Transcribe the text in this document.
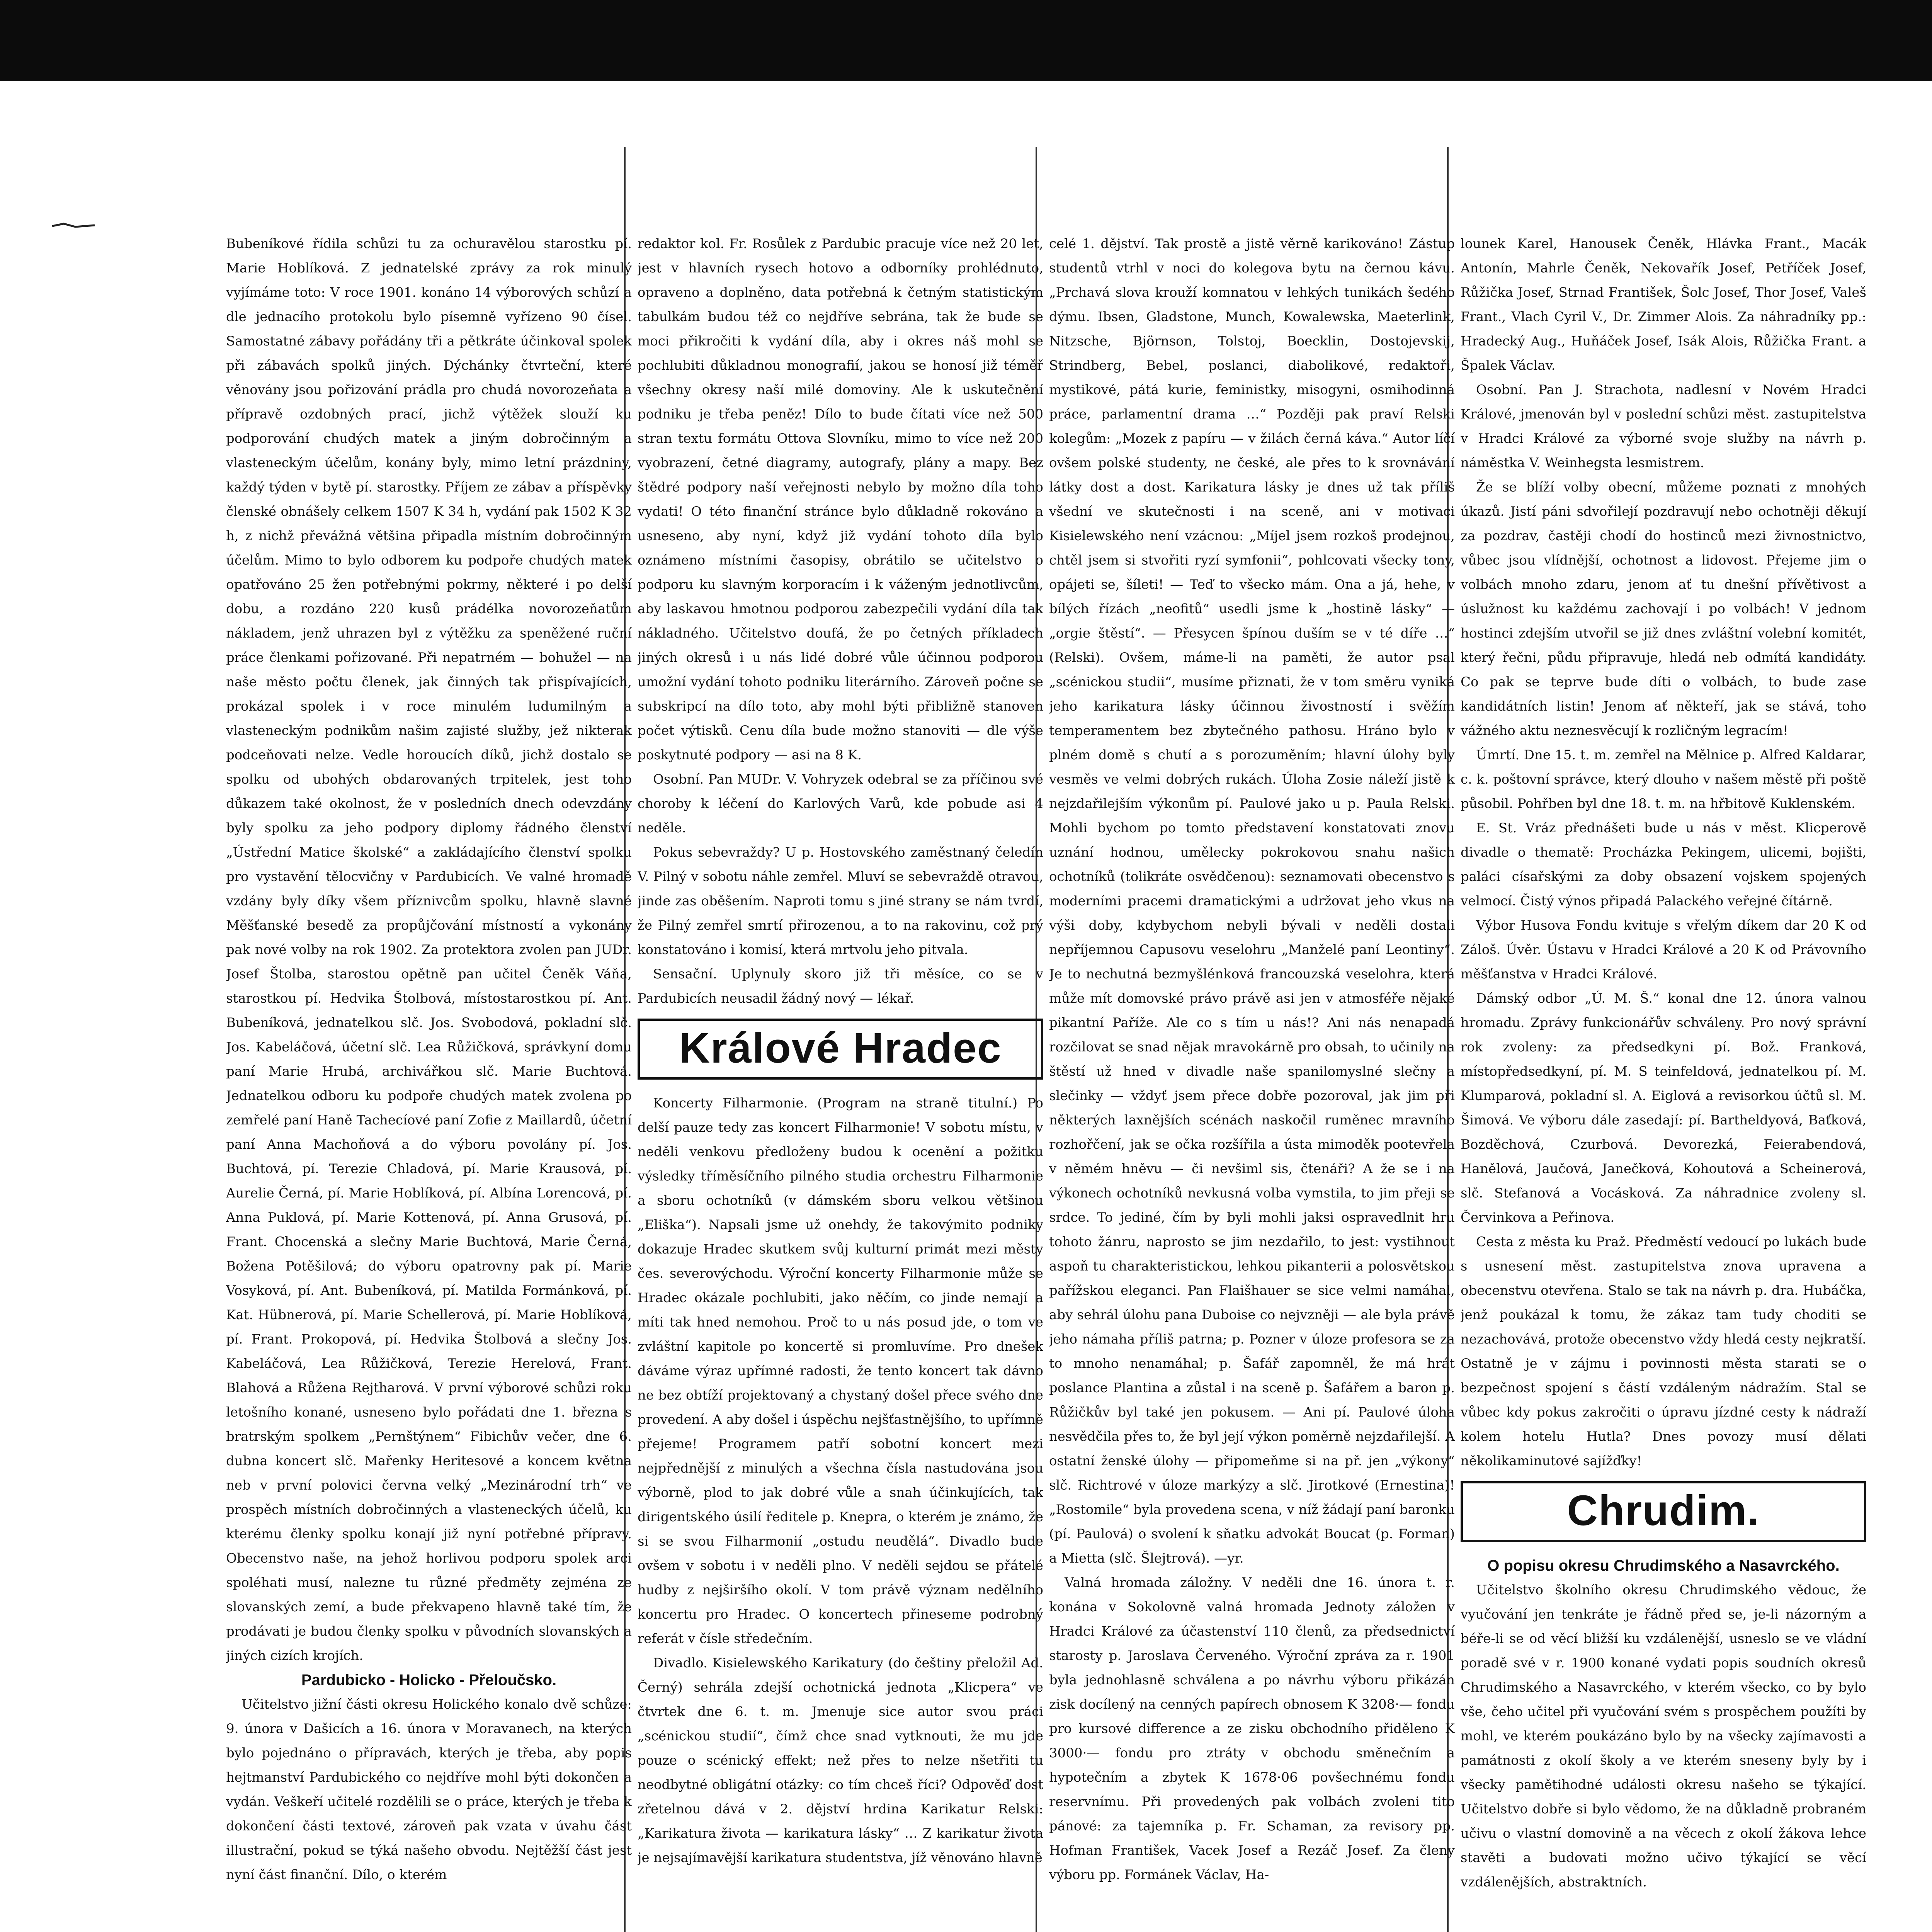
Bubeníkové řídila schůzi tu za ochuravělou starostku pí. Marie Hoblíková. Z jednatelské zprávy za rok minulý vyjímáme toto: V roce 1901. konáno 14 výborových schůzí a dle jednacího protokolu bylo písemně vyřízeno 90 čísel. Samostatné zábavy pořádány tři a pětkráte účinkoval spolek při zábavách spolků jiných. Dýchánky čtvrteční, které věnovány jsou pořizování prádla pro chudá novorozeňata a přípravě ozdobných prací, jichž výtěžek slouží ku podporování chudých matek a jiným dobročinným a vlasteneckým účelům, konány byly, mimo letní prázdniny, každý týden v bytě pí. starostky. Příjem ze zábav a příspěvky členské obnášely celkem 1507 K 34 h, vydání pak 1502 K 32 h, z nichž převážná většina připadla místním dobročinným účelům. Mimo to bylo odborem ku podpoře chudých matek opatřováno 25 žen potřebnými pokrmy, některé i po delší dobu, a rozdáno 220 kusů prádélka novorozeňatům nákladem, jenž uhrazen byl z výtěžku za speněžené ruční práce členkami pořizované. Při nepatrném — bohužel — na naše město počtu členek, jak činných tak přispívajících, prokázal spolek i v roce minulém ludumilným a vlasteneckým podnikům našim zajisté služby, jež nikterak podceňovati nelze. Vedle horoucích díků, jichž dostalo se spolku od ubohých obdarovaných trpitelek, jest toho důkazem také okolnost, že v posledních dnech odevzdány byly spolku za jeho podpory diplomy řádného členství „Ústřední Matice školské“ a zakládajícího členství spolku pro vystavění tělocvičny v Pardubicích. Ve valné hromadě vzdány byly díky všem příznivcům spolku, hlavně slavné Měšťanské besedě za propůjčování místností a vykonány pak nové volby na rok 1902. Za protektora zvolen pan JUDr. Josef Štolba, starostou opětně pan učitel Čeněk Váňa, starostkou pí. Hedvika Štolbová, místostarostkou pí. Ant. Bubeníková, jednatelkou slč. Jos. Svobodová, pokladní slč. Jos. Kabeláčová, účetní slč. Lea Růžičková, správkyní domu paní Marie Hrubá, archivářkou slč. Marie Buchtová. Jednatelkou odboru ku podpoře chudých matek zvolena po zemřelé paní Haně Tachecíové paní Zofie z Maillardů, účetní paní Anna Machoňová a do výboru povolány pí. Jos. Buchtová, pí. Terezie Chladová, pí. Marie Krausová, pí. Aurelie Černá, pí. Marie Hoblíková, pí. Albína Lorencová, pí. Anna Puklová, pí. Marie Kottenová, pí. Anna Grusová, pí. Frant. Chocenská a slečny Marie Buchtová, Marie Černá, Božena Potěšilová; do výboru opatrovny pak pí. Marie Vosyková, pí. Ant. Bubeníková, pí. Matilda Formánková, pí. Kat. Hübnerová, pí. Marie Schellerová, pí. Marie Hoblíková, pí. Frant. Prokopová, pí. Hedvika Štolbová a slečny Jos. Kabeláčová, Lea Růžičková, Terezie Herelová, Frant. Blahová a Růžena Rejtharová. V první výborové schůzi roku letošního konané, usneseno bylo pořádati dne 1. března s bratrským spolkem „Pernštýnem“ Fibichův večer, dne 6. dubna koncert slč. Mařenky Heritesové a koncem května neb v první polovici června velký „Mezinárodní trh“ ve prospěch místních dobročinných a vlasteneckých účelů, ku kterému členky spolku konají již nyní potřebné přípravy. Obecenstvo naše, na jehož horlivou podporu spolek arci spoléhati musí, nalezne tu různé předměty zejména ze slovanských zemí, a bude překvapeno hlavně také tím, že prodávati je budou členky spolku v původních slovanských a jiných cizích krojích.

Pardubicko - Holicko - Přeloučsko.

Učitelstvo jižní části okresu Holického konalo dvě schůze: 9. února v Dašicích a 16. února v Moravanech, na kterých bylo pojednáno o přípravách, kterých je třeba, aby popis hejtmanství Pardubického co nejdříve mohl býti dokončen a vydán. Veškeří učitelé rozdělili se o práce, kterých je třeba k dokončení části textové, zároveň pak vzata v úvahu část illustrační, pokud se týká našeho obvodu. Nejtěžší část jest nyní část finanční. Dílo, o kterém

redaktor kol. Fr. Rosůlek z Pardubic pracuje více než 20 let, jest v hlavních rysech hotovo a odborníky prohlédnuto, opraveno a doplněno, data potřebná k četným statistickým tabulkám budou též co nejdříve sebrána, tak že bude se moci přikročiti k vydání díla, aby i okres náš mohl se pochlubiti důkladnou monografií, jakou se honosí již téměř všechny okresy naší milé domoviny. Ale k uskutečnění podniku je třeba peněz! Dílo to bude čítati více než 500 stran textu formátu Ottova Slovníku, mimo to více než 200 vyobrazení, četné diagramy, autografy, plány a mapy. Bez štědré podpory naší veřejnosti nebylo by možno díla toho vydati! O této finanční stránce bylo důkladně rokováno a usneseno, aby nyní, když již vydání tohoto díla bylo oznámeno místními časopisy, obrátilo se učitelstvo o podporu ku slavným korporacím i k váženým jednotlivcům, aby laskavou hmotnou podporou zabezpečili vydání díla tak nákladného. Učitelstvo doufá, že po četných příkladech jiných okresů i u nás lidé dobré vůle účinnou podporou umožní vydání tohoto podniku literárního. Zároveň počne se subskripcí na dílo toto, aby mohl býti přibližně stanoven počet výtisků. Cenu díla bude možno stanoviti — dle výše poskytnuté podpory — asi na 8 K.

Osobní. Pan MUDr. V. Vohryzek odebral se za příčinou své choroby k léčení do Karlových Varů, kde pobude asi 4 neděle.

Pokus sebevraždy? U p. Hostovského zaměstnaný čeledín V. Pilný v sobotu náhle zemřel. Mluví se sebevraždě otravou, jinde zas oběšením. Naproti tomu s jiné strany se nám tvrdí, že Pilný zemřel smrtí přirozenou, a to na rakovinu, což prý konstatováno i komisí, která mrtvolu jeho pitvala.

Sensační. Uplynuly skoro již tři měsíce, co se v Pardubicích neusadil žádný nový — lékař.

Králové Hradec

Koncerty Filharmonie. (Program na straně titulní.) Po delší pauze tedy zas koncert Filharmonie! V sobotu místu, v neděli venkovu předloženy budou k ocenění a požitku výsledky tříměsíčního pilného studia orchestru Filharmonie a sboru ochotníků (v dámském sboru velkou většinou „Eliška“). Napsali jsme už onehdy, že takovýmito podniky dokazuje Hradec skutkem svůj kulturní primát mezi městy čes. severovýchodu. Výroční koncerty Filharmonie může se Hradec okázale pochlubiti, jako něčím, co jinde nemají a míti tak hned nemohou. Proč to u nás posud jde, o tom ve zvláštní kapitole po koncertě si promluvíme. Pro dnešek dáváme výraz upřímné radosti, že tento koncert tak dávno ne bez obtíží projektovaný a chystaný došel přece svého dne provedení. A aby došel i úspěchu nejšťastnějšího, to upřímně přejeme! Programem patří sobotní koncert mezi nejpřednější z minulých a všechna čísla nastudována jsou výborně, plod to jak dobré vůle a snah účinkujících, tak dirigentského úsilí ředitele p. Knepra, o kterém je známo, že si se svou Filharmonií „ostudu neudělá“. Divadlo bude ovšem v sobotu i v neděli plno. V neděli sejdou se přátelé hudby z nejširšího okolí. V tom právě význam nedělního koncertu pro Hradec. O koncertech přineseme podrobný referát v čísle středečním.

Divadlo. Kisielewského Karikatury (do češtiny přeložil Ad. Černý) sehrála zdejší ochotnická jednota „Klicpera“ ve čtvrtek dne 6. t. m. Jmenuje sice autor svou práci „scénickou studií“, čímž chce snad vytknouti, že mu jde pouze o scénický effekt; než přes to nelze nšetřiti tu neodbytné obligátní otázky: co tím chceš říci? Odpověď dost zřetelnou dává v 2. dějství hrdina Karikatur Relski: „Karikatura života — karikatura lásky“ … Z karikatur života je nejsajímavější karikatura studentstva, jíž věnováno hlavně

celé 1. dějství. Tak prostě a jistě věrně karikováno! Zástup studentů vtrhl v noci do kolegova bytu na černou kávu. „Prchavá slova krouží komnatou v lehkých tunikách šedého dýmu. Ibsen, Gladstone, Munch, Kowalewska, Maeterlink, Nitzsche, Björnson, Tolstoj, Boecklin, Dostojevskij, Strindberg, Bebel, poslanci, diabolikové, redaktoři, mystikové, pátá kurie, feministky, misogyni, osmihodinná práce, parlamentní drama …“ Později pak praví Relski kolegům: „Mozek z papíru — v žilách černá káva.“ Autor líčí ovšem polské studenty, ne české, ale přes to k srovnávání látky dost a dost. Karikatura lásky je dnes už tak příliš všední ve skutečnosti i na sceně, ani v motivaci Kisielewského není vzácnou: „Míjel jsem rozkoš prodejnou, chtěl jsem si stvořiti ryzí symfonii“, pohlcovati všecky tony, opájeti se, šíleti! — Teď to všecko mám. Ona a já, hehe, v bílých řízách „neofitů“ usedli jsme k „hostině lásky“ — „orgie štěstí“. — Přesycen špínou duším se v té díře …“ (Relski). Ovšem, máme-li na paměti, že autor psal „scénickou studii“, musíme přiznati, že v tom směru vyniká jeho karikatura lásky účinnou živostností i svěžím temperamentem bez zbytečného pathosu. Hráno bylo v plném domě s chutí a s porozuměním; hlavní úlohy byly vesměs ve velmi dobrých rukách. Úloha Zosie náleží jistě k nejzdařilejším výkonům pí. Paulové jako u p. Paula Relski. Mohli bychom po tomto představení konstatovati znovu uznání hodnou, umělecky pokrokovou snahu našich ochotníků (tolikráte osvědčenou): seznamovati obecenstvo s moderními pracemi dramatickými a udržovat jeho vkus na výši doby, kdybychom nebyli bývali v neděli dostali nepříjemnou Capusovu veselohru „Manželé paní Leontiny“. Je to nechutná bezmyšlénková francouzská veselohra, která může mít domovské právo právě asi jen v atmosféře nějaké pikantní Paříže. Ale co s tím u nás!? Ani nás nenapadá rozčilovat se snad nějak mravokárně pro obsah, to učinily na štěstí už hned v divadle naše spanilomyslné slečny a slečinky — vždyť jsem přece dobře pozoroval, jak jim při některých laxnějších scénách naskočil ruměnec mravního rozhořčení, jak se očka rozšířila a ústa mimoděk pootevřela v němém hněvu — či nevšiml sis, čtenáři? A že se i na výkonech ochotníků nevkusná volba vymstila, to jim přeji se srdce. To jediné, čím by byli mohli jaksi ospravedlnit hru tohoto žánru, naprosto se jim nezdařilo, to jest: vystihnout aspoň tu charakteristickou, lehkou pikanterii a polosvětskou pařížskou eleganci. Pan Flaišhauer se sice velmi namáhal, aby sehrál úlohu pana Duboise co nejvzněji — ale byla právě jeho námaha příliš patrna; p. Pozner v úloze profesora se za to mnoho nenamáhal; p. Šafář zapomněl, že má hrát poslance Plantina a zůstal i na sceně p. Šafářem a baron p. Růžičkův byl také jen pokusem. — Ani pí. Paulové úloha nesvědčila přes to, že byl její výkon poměrně nejzdařilejší. A ostatní ženské úlohy — připomeňme si na př. jen „výkony“ slč. Richtrové v úloze markýzy a slč. Jirotkové (Ernestina)! „Rostomile“ byla provedena scena, v níž žádají paní baronku (pí. Paulová) o svolení k sňatku advokát Boucat (p. Forman) a Mietta (slč. Šlejtrová). —yr.

Valná hromada záložny. V neděli dne 16. února t. r. konána v Sokolovně valná hromada Jednoty záložen v Hradci Králové za účastenství 110 členů, za předsednictví starosty p. Jaroslava Červeného. Výroční zpráva za r. 1901 byla jednohlasně schválena a po návrhu výboru přikázán zisk docílený na cenných papírech obnosem K 3208·— fondu pro kursové difference a ze zisku obchodního přiděleno K 3000·— fondu pro ztráty v obchodu směnečním a hypotečním a zbytek K 1678·06 povšechnému fondu reservnímu. Při provedených pak volbách zvoleni tito pánové: za tajemníka p. Fr. Schaman, za revisory pp. Hofman František, Vacek Josef a Rezáč Josef. Za členy výboru pp. Formánek Václav, Ha-

lounek Karel, Hanousek Čeněk, Hlávka Frant., Macák Antonín, Mahrle Čeněk, Nekovařík Josef, Petříček Josef, Růžička Josef, Strnad František, Šolc Josef, Thor Josef, Valeš Frant., Vlach Cyril V., Dr. Zimmer Alois. Za náhradníky pp.: Hradecký Aug., Huňáček Josef, Isák Alois, Růžička Frant. a Špalek Václav.

Osobní. Pan J. Strachota, nadlesní v Novém Hradci Králové, jmenován byl v poslední schůzi měst. zastupitelstva v Hradci Králové za výborné svoje služby na návrh p. náměstka V. Weinhegsta lesmistrem.

Že se blíží volby obecní, můžeme poznati z mnohých úkazů. Jistí páni sdvořilejí pozdravují nebo ochotněji děkují za pozdrav, častěji chodí do hostinců mezi živnostnictvo, vůbec jsou vlídnější, ochotnost a lidovost. Přejeme jim o volbách mnoho zdaru, jenom ať tu dnešní přívětivost a úslužnost ku každému zachovají i po volbách! V jednom hostinci zdejším utvořil se již dnes zvláštní volební komitét, který řečni, půdu připravuje, hledá neb odmítá kandidáty. Co pak se teprve bude díti o volbách, to bude zase kandidátních listin! Jenom ať někteří, jak se stává, toho vážného aktu neznesvěcují k rozličným legracím!

Úmrtí. Dne 15. t. m. zemřel na Mělnice p. Alfred Kaldarar, c. k. poštovní správce, který dlouho v našem městě při poště působil. Pohřben byl dne 18. t. m. na hřbitově Kuklenském.

E. St. Vráz přednášeti bude u nás v měst. Klicperově divadle o thematě: Procházka Pekingem, ulicemi, bojišti, paláci císařskými za doby obsazení vojskem spojených velmocí. Čistý výnos připadá Palackého veřejné čítárně.

Výbor Husova Fondu kvituje s vřelým díkem dar 20 K od Záloš. Úvěr. Ústavu v Hradci Králové a 20 K od Právovního měšťanstva v Hradci Králové.

Dámský odbor „Ú. M. Š.“ konal dne 12. února valnou hromadu. Zprávy funkcionářův schváleny. Pro nový správní rok zvoleny: za předsedkyni pí. Bož. Franková, místopředsedkyní, pí. M. S teinfeldová, jednatelkou pí. M. Klumparová, pokladní sl. A. Eiglová a revisorkou účtů sl. M. Šimová. Ve výboru dále zasedají: pí. Bartheldyová, Baťková, Bozděchová, Czurbová. Devorezká, Feierabendová, Hanělová, Jaučová, Janečková, Kohoutová a Scheinerová, slč. Stefanová a Vocásková. Za náhradnice zvoleny sl. Červinkova a Peřinova.

Cesta z města ku Praž. Předměstí vedoucí po lukách bude s usnesení měst. zastupitelstva znova upravena a obecenstvu otevřena. Stalo se tak na návrh p. dra. Hubáčka, jenž poukázal k tomu, že zákaz tam tudy choditi se nezachovává, protože obecenstvo vždy hledá cesty nejkratší. Ostatně je v zájmu i povinnosti města starati se o bezpečnost spojení s částí vzdáleným nádražím. Stal se vůbec kdy pokus zakročiti o úpravu jízdné cesty k nádraží kolem hotelu Hutla? Dnes povozy musí dělati několikaminutové sajížďky!

Chrudim.

O popisu okresu Chrudimského a Nasavrckého.

Učitelstvo školního okresu Chrudimského vědouc, že vyučování jen tenkráte je řádně před se, je-li názorným a béře-li se od věcí bližší ku vzdálenější, usneslo se ve vládní poradě své v r. 1900 konané vydati popis soudních okresů Chrudimského a Nasavrckého, v kterém všecko, co by bylo vše, čeho učitel při vyučování svém s prospěchem použíti by mohl, ve kterém poukázáno bylo by na všecky zajímavosti a památnosti z okolí školy a ve kterém sneseny byly by i všecky pamětihodné události okresu našeho se týkající. Učitelstvo dobře si bylo vědomo, že na důkladně probraném učivu o vlastní domovině a na věcech z okolí žákova lehce stavěti a budovati možno učivo týkající se věcí vzdálenějších, abstraktních.
